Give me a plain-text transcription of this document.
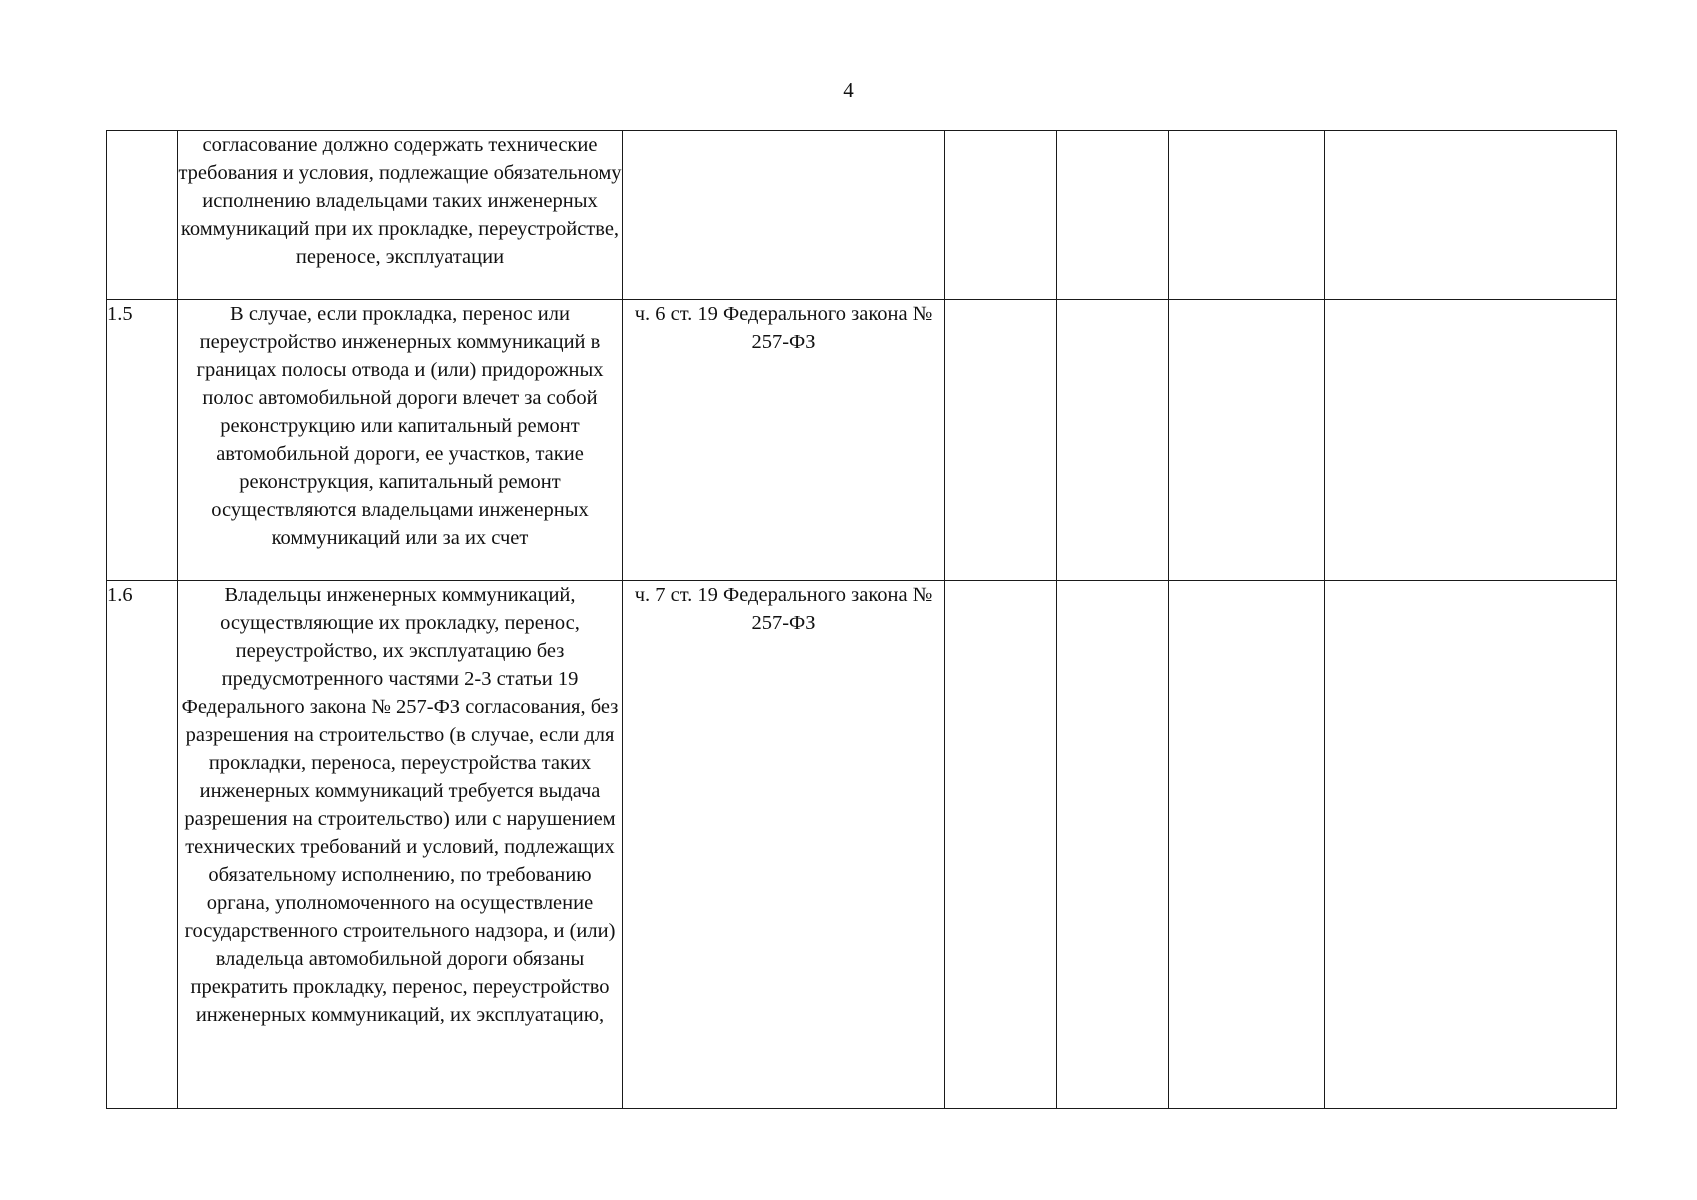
4
	согласование должно содержать технические требования и условия, подлежащие обязательному исполнению владельцами таких инженерных коммуникаций при их прокладке, переустройстве, переносе, эксплуатации					
1.5	В случае, если прокладка, перенос или переустройство инженерных коммуникаций в границах полосы отвода и (или) придорожных полос автомобильной дороги влечет за собой реконструкцию или капитальный ремонт автомобильной дороги, ее участков, такие реконструкция, капитальный ремонт осуществляются владельцами инженерных коммуникаций или за их счет	ч. 6 ст. 19 Федерального закона № 257-ФЗ				
1.6	Владельцы инженерных коммуникаций, осуществляющие их прокладку, перенос, переустройство, их эксплуатацию без предусмотренного частями 2-3 статьи 19 Федерального закона № 257-ФЗ согласования, без разрешения на строительство (в случае, если для прокладки, переноса, переустройства таких инженерных коммуникаций требуется выдача разрешения на строительство) или с нарушением технических требований и условий, подлежащих обязательному исполнению, по требованию органа, уполномоченного на осуществление государственного строительного надзора, и (или) владельца автомобильной дороги обязаны прекратить прокладку, перенос, переустройство инженерных коммуникаций, их эксплуатацию,	ч. 7 ст. 19 Федерального закона № 257-ФЗ				
